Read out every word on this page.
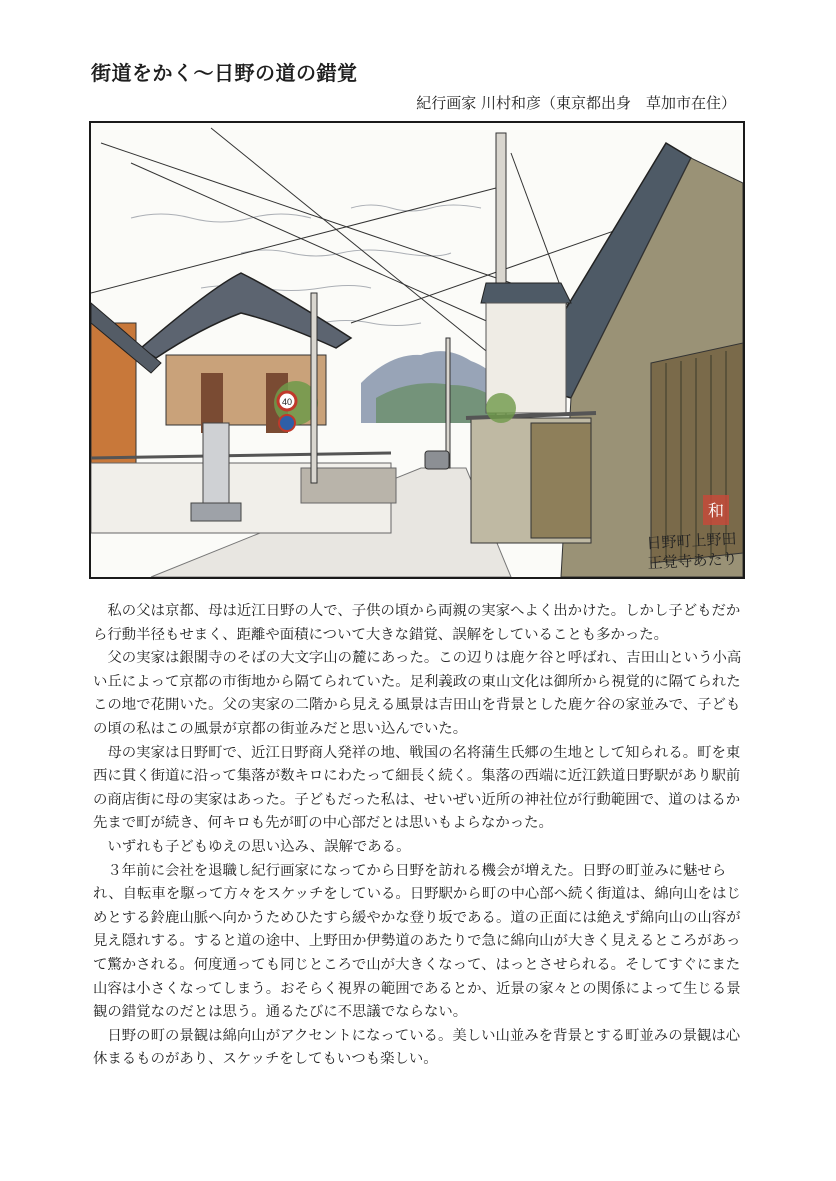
街道をかく〜日野の道の錯覚
紀行画家 川村和彦（東京都出身　草加市在住）
40
和
日野町上野田
正覚寺あたり

私の父は京都、母は近江日野の人で、子供の頃から両親の実家へよく出かけた。しかし子どもだから行動半径もせまく、距離や面積について大きな錯覚、誤解をしていることも多かった。

父の実家は銀閣寺のそばの大文字山の麓にあった。この辺りは鹿ケ谷と呼ばれ、吉田山という小高い丘によって京都の市街地から隔てられていた。足利義政の東山文化は御所から視覚的に隔てられたこの地で花開いた。父の実家の二階から見える風景は吉田山を背景とした鹿ケ谷の家並みで、子どもの頃の私はこの風景が京都の街並みだと思い込んでいた。

母の実家は日野町で、近江日野商人発祥の地、戦国の名将蒲生氏郷の生地として知られる。町を東西に貫く街道に沿って集落が数キロにわたって細長く続く。集落の西端に近江鉄道日野駅があり駅前の商店街に母の実家はあった。子どもだった私は、せいぜい近所の神社位が行動範囲で、道のはるか先まで町が続き、何キロも先が町の中心部だとは思いもよらなかった。

いずれも子どもゆえの思い込み、誤解である。

３年前に会社を退職し紀行画家になってから日野を訪れる機会が増えた。日野の町並みに魅せられ、自転車を駆って方々をスケッチをしている。日野駅から町の中心部へ続く街道は、綿向山をはじめとする鈴鹿山脈へ向かうためひたすら緩やかな登り坂である。道の正面には絶えず綿向山の山容が見え隠れする。すると道の途中、上野田か伊勢道のあたりで急に綿向山が大きく見えるところがあって驚かされる。何度通っても同じところで山が大きくなって、はっとさせられる。そしてすぐにまた山容は小さくなってしまう。おそらく視界の範囲であるとか、近景の家々との関係によって生じる景観の錯覚なのだとは思う。通るたびに不思議でならない。

日野の町の景観は綿向山がアクセントになっている。美しい山並みを背景とする町並みの景観は心休まるものがあり、スケッチをしてもいつも楽しい。
